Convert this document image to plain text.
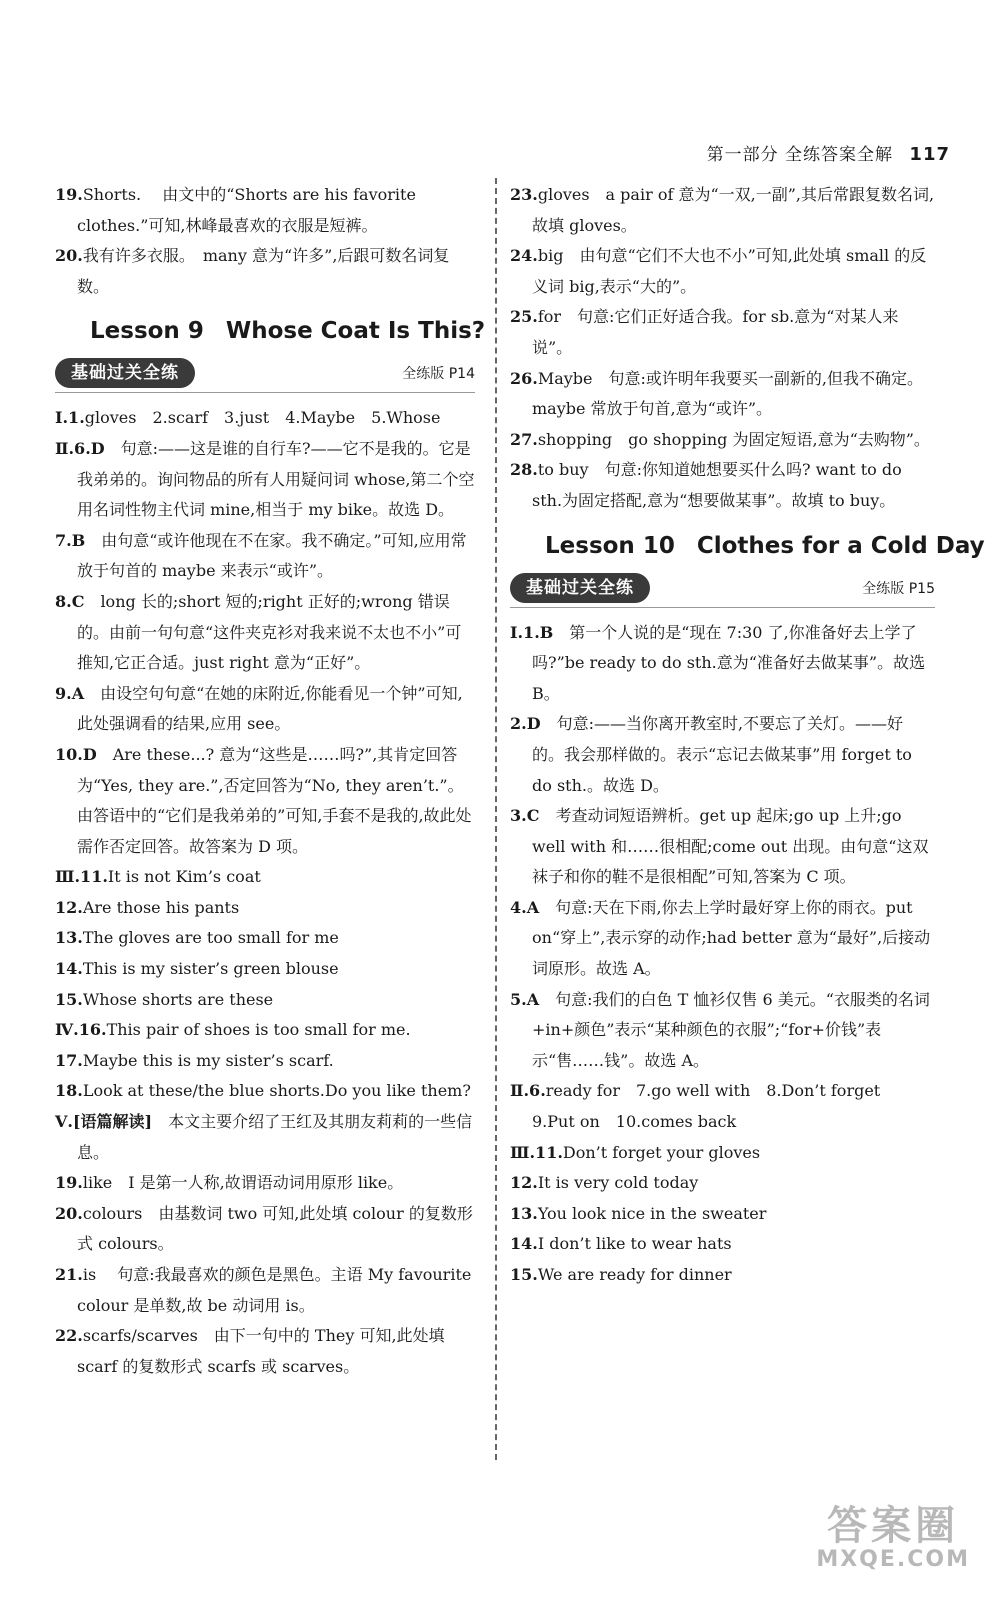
第一部分 全练答案全解 117

19.Shorts.　 由文中的“Shorts are his favorite clothes.”可知,林峰最喜欢的衣服是短裤。

20.我有许多衣服。　many 意为“许多”,后跟可数名词复数。

Lesson 9 Whose Coat Is This?
基础过关全练	全练版 P14

Ⅰ.1.gloves　2.scarf　3.just　4.Maybe　5.Whose

Ⅱ.6.D　句意:——这是谁的自行车?——它不是我的。它是我弟弟的。询问物品的所有人用疑问词 whose,第二个空用名词性物主代词 mine,相当于 my bike。故选 D。

7.B　由句意“或许他现在不在家。我不确定。”可知,应用常放于句首的 maybe 来表示“或许”。

8.C　long 长的;short 短的;right 正好的;wrong 错误的。由前一句句意“这件夹克衫对我来说不太也不小”可推知,它正合适。just right 意为“正好”。

9.A　由设空句句意“在她的床附近,你能看见一个钟”可知,此处强调看的结果,应用 see。

10.D　Are these...? 意为“这些是……吗?”,其肯定回答为“Yes, they are.”,否定回答为“No, they aren’t.”。由答语中的“它们是我弟弟的”可知,手套不是我的,故此处需作否定回答。故答案为 D 项。

Ⅲ.11.It is not Kim’s coat

12.Are those his pants

13.The gloves are too small for me

14.This is my sister’s green blouse

15.Whose shorts are these

Ⅳ.16.This pair of shoes is too small for me.

17.Maybe this is my sister’s scarf.

18.Look at these/the blue shorts.Do you like them?

Ⅴ.[语篇解读]　本文主要介绍了王红及其朋友莉莉的一些信息。

19.like　I 是第一人称,故谓语动词用原形 like。

20.colours　由基数词 two 可知,此处填 colour 的复数形式 colours。

21.is　 句意:我最喜欢的颜色是黑色。主语 My favourite colour 是单数,故 be 动词用 is。

22.scarfs/scarves　由下一句中的 They 可知,此处填 scarf 的复数形式 scarfs 或 scarves。

23.gloves　a pair of 意为“一双,一副”,其后常跟复数名词,故填 gloves。

24.big　由句意“它们不大也不小”可知,此处填 small 的反义词 big,表示“大的”。

25.for　句意:它们正好适合我。for sb.意为“对某人来说”。

26.Maybe　句意:或许明年我要买一副新的,但我不确定。maybe 常放于句首,意为“或许”。

27.shopping　go shopping 为固定短语,意为“去购物”。

28.to buy　句意:你知道她想要买什么吗? want to do sth.为固定搭配,意为“想要做某事”。故填 to buy。

Lesson 10 Clothes for a Cold Day
基础过关全练	全练版 P15

Ⅰ.1.B　第一个人说的是“现在 7:30 了,你准备好去上学了吗?”be ready to do sth.意为“准备好去做某事”。故选 B。

2.D　句意:——当你离开教室时,不要忘了关灯。——好的。我会那样做的。表示“忘记去做某事”用 forget to do sth.。故选 D。

3.C　考查动词短语辨析。get up 起床;go up 上升;go well with 和……很相配;come out 出现。由句意“这双袜子和你的鞋不是很相配”可知,答案为 C 项。

4.A　句意:天在下雨,你去上学时最好穿上你的雨衣。put on“穿上”,表示穿的动作;had better 意为“最好”,后接动词原形。故选 A。

5.A　句意:我们的白色 T 恤衫仅售 6 美元。“衣服类的名词+in+颜色”表示“某种颜色的衣服”;“for+价钱”表示“售……钱”。故选 A。

Ⅱ.6.ready for　7.go well with　8.Don’t forget　9.Put on　10.comes back

Ⅲ.11.Don’t forget your gloves

12.It is very cold today

13.You look nice in the sweater

14.I don’t like to wear hats

15.We are ready for dinner

答案圈
MXQE.COM
